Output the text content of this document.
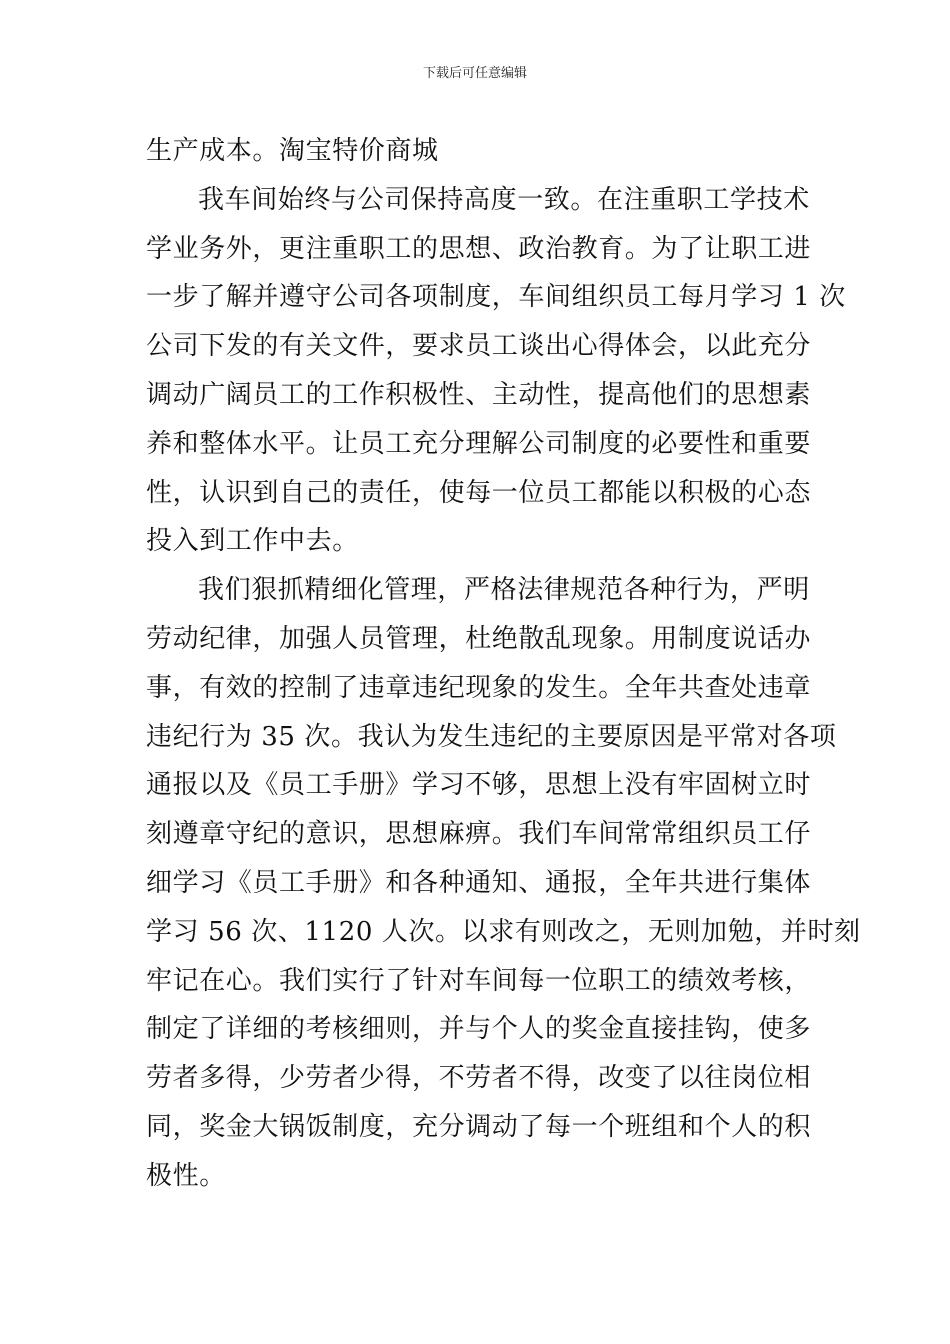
下载后可任意编辑
生产成本。淘宝特价商城
我车间始终与公司保持高度一致。在注重职工学技术
学业务外，更注重职工的思想、政治教育。为了让职工进
一步了解并遵守公司各项制度，车间组织员工每月学习 1 次
公司下发的有关文件，要求员工谈出心得体会，以此充分
调动广阔员工的工作积极性、主动性，提高他们的思想素
养和整体水平。让员工充分理解公司制度的必要性和重要
性，认识到自己的责任，使每一位员工都能以积极的心态
投入到工作中去。
我们狠抓精细化管理，严格法律规范各种行为，严明
劳动纪律，加强人员管理，杜绝散乱现象。用制度说话办
事，有效的控制了违章违纪现象的发生。全年共查处违章
违纪行为 35 次。我认为发生违纪的主要原因是平常对各项
通报以及《员工手册》学习不够，思想上没有牢固树立时
刻遵章守纪的意识，思想麻痹。我们车间常常组织员工仔
细学习《员工手册》和各种通知、通报，全年共进行集体
学习 56 次、1120 人次。以求有则改之，无则加勉，并时刻
牢记在心。我们实行了针对车间每一位职工的绩效考核，
制定了详细的考核细则，并与个人的奖金直接挂钩，使多
劳者多得，少劳者少得，不劳者不得，改变了以往岗位相
同，奖金大锅饭制度，充分调动了每一个班组和个人的积
极性。
